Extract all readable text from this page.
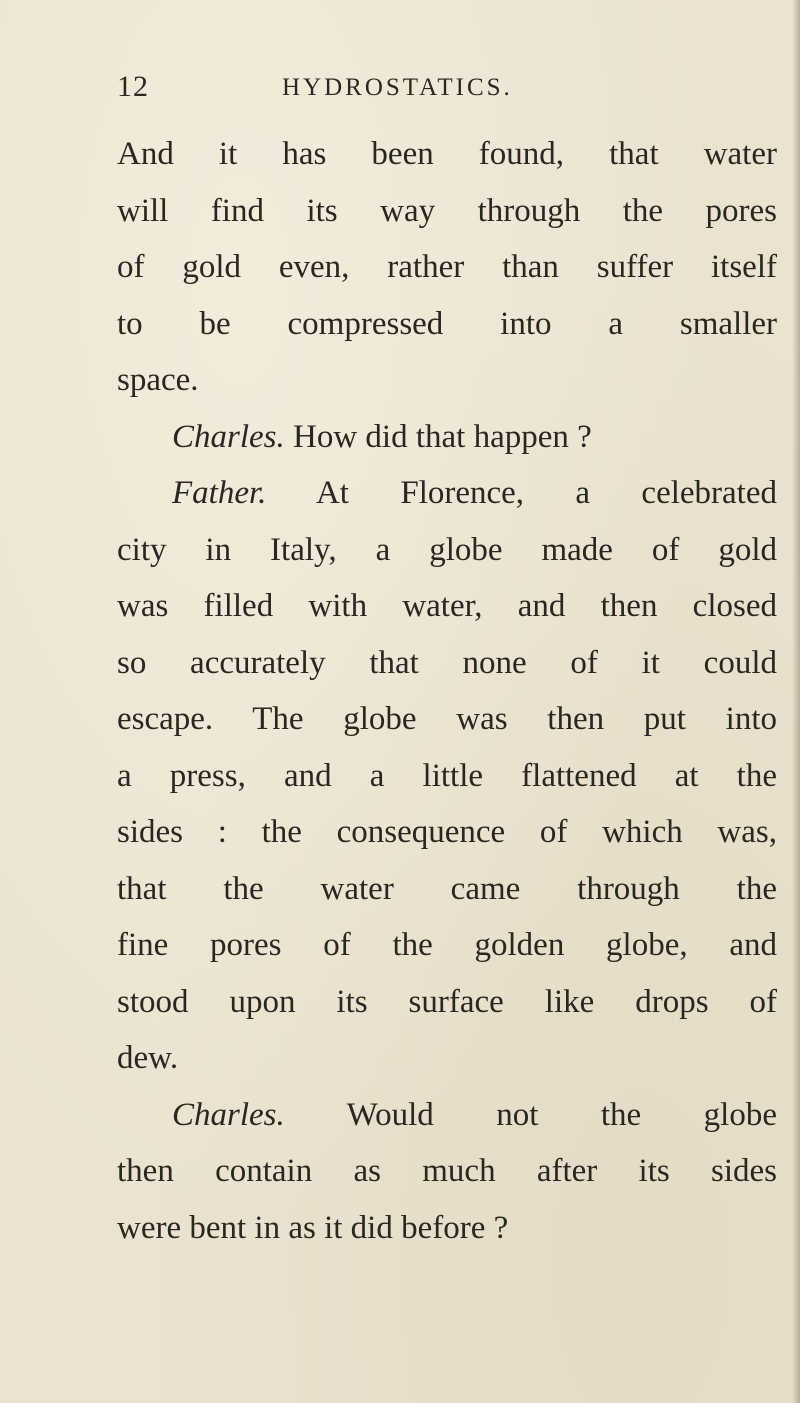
12	HYDROSTATICS.
And it has been found, that water
will find its way through the pores
of gold even, rather than suffer itself
to be compressed into a smaller
space.
Charles. How did that happen ?
Father. At Florence, a celebrated
city in Italy, a globe made of gold
was filled with water, and then closed
so accurately that none of it could
escape. The globe was then put into
a press, and a little flattened at the
sides : the consequence of which was,
that the water came through the
fine pores of the golden globe, and
stood upon its surface like drops of
dew.
Charles. Would not the globe
then contain as much after its sides
were bent in as it did before ?
